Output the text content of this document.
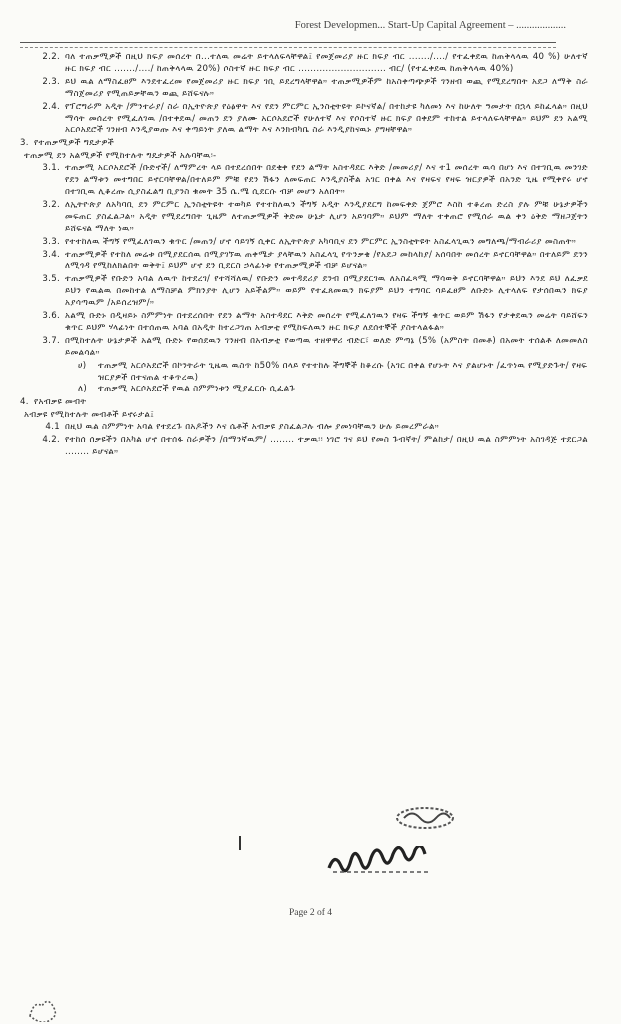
Forest Developmen... Start-Up Capital Agreement – ...................
2.2. ባለ ተጠቃሚዎች በዚህ ክፍያ መሰረት በ...ተለዉ መሬት ይተላለፍላቸዋል፤ የመጀመሪያ ዙር ክፍያ ብር ......./..../ የተፈቀደዉ ከጠቅላላዉ 40 %) ሁለተኛ ዙር ክፍያ ብር ......./..../ ከጠቅላላዉ 20%) ሶስተኛ ዙር ክፍያ ብር ............................. ብር/ (የተፈቀደዉ ከጠቅላላዉ 40%)
2.3. ይህ ዉል ለማስፈፀም እንደተፈረመ የመጀመሪያ ዙር ክፍያ ገቢ ይደረግላቸዋል። ተጠቃሚዎችም ከአስቀጣጭዎች ገንዘብ ወጪ የሚደረግበት አደጋ ለማቅ ስራ ማስጀመሪያ የሚጠይቃቸዉን ወጪ ይሸፍናሉ።
2.4. የፕሮግራም አዲት /ምንተራያ/ ስራ በኢትዮጵያ የዕፅዋት እና የደን ምርምር ኢንስቲትዩት ይኮናኛል/ በተከታዩ ካለመነ እና ከሁለት ዓመታት በኋላ ይከፈላል። በዚህ ማሳት መሰረት የሚፈለገዉ /በተቀደዉ/ መጠን ደን ያለሙ አርሶአደሮች የሁለተኛ እና የሶስተኛ ዙር ክፍያ በቀደም ተከተል ይተላለፍላቸዋል። ይህም ደን አልሚ አርሶአደሮች ገንዘብ እንዲያወጡ እና ቀጣይነት ያለዉ ልማት እና እንክብካቤ ስራ እንዲያከናዉኑ ያግዛቸዋል።
3. የተጠቃሚዎች ግዴታዎች
ተጠቃሚ ደን አልሚዎች የሚከተሉት ግዴታዎች አሉባቸዉ፡-
3.1. ተጠቃሚ አርሶአደሮች /ቡድኖች/ ለማምረት ላይ በተደረሰበት በደቂቀ የደን ልማት አስተዳደር እቅድ /መመሪያ/ እና ተ1 መሰረት ዉሳ በሆነ እና በተገቢዉ መንገድ የደን ልማቱን መተግበር ይኖርባቸዋል/በተለይም ምቹ የደን ሽፋን ለመፍጠር እንዲያስችል አገር በቀል እና የዛፍና የዛፍ ዝርያዎች በአንድ ጊዜ የሚቀየሩ ሆኖ በተገቢዉ ሊቆረጡ ሲያስፈልግ ቢያንስ ቁመት 35 ሴ.ሜ ሲደርሱ ብቻ መሆን አለበት።
3.2. ለኢትዮጵያ ለአካባቢ ደን ምርምር ኢንስቲትዩት ተወካይ የተተከለዉን ችግኝ አዲት እንዲያደርግ ከመፍቀድ ጀምሮ እስከ ተቆረጠ ድረስ ያሉ ምቹ ሁኔታዎችን መፍጠር ያስፈልጋል። አዲት የሚደረግበት ጊዜም ለተጠቃሚዎች ቅድመ ሁኔታ ሊሆን አይገባም። ይህም ማለት ተቀጠሮ የሚሰራ ዉል ቀን ዕቅድ ማዘጋጀትን ይሸፍናል ማለት ነዉ።
3.3. የተተከለዉ ችግኝ የሚፈለገዉን ቁጥር /መጠን/ ሆኖ ሳይገኝ ሲቀር ለኢትዮጵያ አካባቢና ደን ምርምር ኢንስቲትዩት አስፈላጊዉን መግለጫ/ማብራሪያ መስጠት።
3.4. ተጠቃሚዎች የተከለ መሬቱ በሚያደርሰዉ በሚያገኘዉ ጠቀሜታ ያላቸዉን አስፈላጊ የጥንቃቄ /የአደጋ መከላከያ/ አሰባበት መሰረት ይኖርባቸዋል። በተለይም ደንን ለሚጎዳ የሚከለክልበት ወቅት፤ ይህም ሆኖ ደን ቢደርስ ኃላፊነቱ የተጠቃሚዎች ብቻ ይሆናል።
3.5. ተጠቃሚዎች የቡድን አባል ለዉጥ ከተደረገ/ የተሻሻለዉ/ የቡድን መተዳደሪያ ደንብ በሚያደርገዉ ለአስፈጻሚ ማሳወቅ ይኖርባቸዋል። ይህን እንደ ይህ ለፈቃደ ይህን የዉልዉ በመከተል ለማስቻል ምክንያት ሊሆን አይችልም። ወይም የተፈጸመዉን ክፍያም ይህን ተግባር ሳይፈፀም ለቡድኑ ሊተላለፍ የታሰበዉን ክፍያ አያሳጣዉም /አይሰረዝም/።
3.6. አልሚ ቡድኑ በዲዛይኑ ስምምነት በተደረሰበት የደን ልማት አስተዳደር እቅድ መሰረት የሚፈለገዉን የዛፍ ችግኝ ቁጥር ወይም ሽፋን የታቀደዉን መሬት ባይሸፍን ቁጥር ይህም ሃላፊነት በተሰጠዉ አባል በአዲት ከተረጋገጠ አብቃቲ የሚከፍለዉን ዙር ክፍያ ለደሰተኞች ያስተላልፋል።
3.7. በሚከተሉት ሁኔታዎች አልሚ ቡድኑ የወሰደዉን ገንዘብ በአብቃቲ የወጣዉ ተዘዋዋሪ ብድር፣ ወለድ ምጣኔ (5% (አምስት በመቶ) በአመት ተሰልቶ ለመመለስ ይመልሳል።
ሀ)	ተጠቃሚ አርሶአደሮች በኮንትራት ጊዜዉ ዉስጥ ከ50% በላይ የተተከሉ ችግኞች ከቆረሱ (አገር በቀል የሆኑት እና ያልሆኑት /ፈጥነዉ የሚያድጉት/ የዛፍ ዝርያዎች በተናጠል ተቆጥረዉ)
ለ)	ተጠቃሚ አርሶአደሮች የዉል ስምምነቱን ሚያፈርሱ ሲፈልጉ
4. የአብቃዩ መብት
አብቃዩ የሚከተሉት መብቶች ይኖሩታል፤
4.1 በዚህ ዉል ስምምነት አባል የተደረጉ በአዶችን እና ሴቶች አብቃዩ ያስፈልጋሉ ብሎ ያመነባቸዉን ሁሉ ይመረምራል።
4.2. የተከሰ ሰቃዩችን በአካል ሆኖ በተሰፋ ስራዎችን /በማንኛዉም/ ........ ተቃዉ፡፡ ነገሮ ገና ይህ የመስ ጉብኛት/ ምልከታ/ በዚህ ዉል ስምምነት አስገዳጅ ተደርጋል ........ ይሆናል።
Page 2 of 4
